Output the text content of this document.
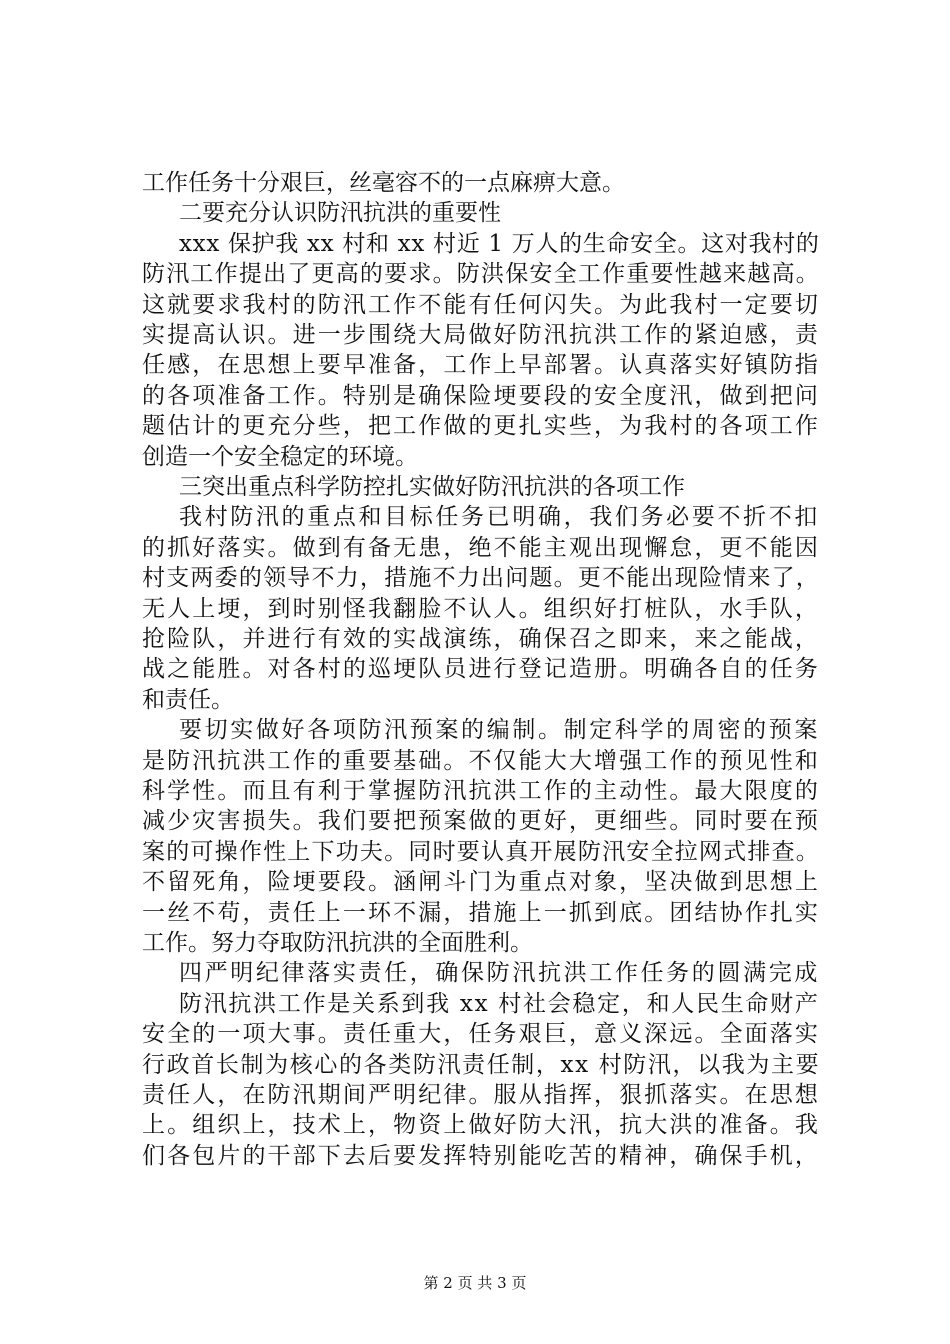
工作任务十分艰巨，丝毫容不的一点麻痹大意。
二要充分认识防汛抗洪的重要性
xxx 保护我 xx 村和 xx 村近 1 万人的生命安全。这对我村的
防汛工作提出了更高的要求。防洪保安全工作重要性越来越高。
这就要求我村的防汛工作不能有任何闪失。为此我村一定要切
实提高认识。进一步围绕大局做好防汛抗洪工作的紧迫感，责
任感，在思想上要早准备，工作上早部署。认真落实好镇防指
的各项准备工作。特别是确保险埂要段的安全度汛，做到把问
题估计的更充分些，把工作做的更扎实些，为我村的各项工作
创造一个安全稳定的环境。
三突出重点科学防控扎实做好防汛抗洪的各项工作
我村防汛的重点和目标任务已明确，我们务必要不折不扣
的抓好落实。做到有备无患，绝不能主观出现懈怠，更不能因
村支两委的领导不力，措施不力出问题。更不能出现险情来了，
无人上埂，到时别怪我翻脸不认人。组织好打桩队，水手队，
抢险队，并进行有效的实战演练，确保召之即来，来之能战，
战之能胜。对各村的巡埂队员进行登记造册。明确各自的任务
和责任。
要切实做好各项防汛预案的编制。制定科学的周密的预案
是防汛抗洪工作的重要基础。不仅能大大增强工作的预见性和
科学性。而且有利于掌握防汛抗洪工作的主动性。最大限度的
减少灾害损失。我们要把预案做的更好，更细些。同时要在预
案的可操作性上下功夫。同时要认真开展防汛安全拉网式排查。
不留死角，险埂要段。涵闸斗门为重点对象，坚决做到思想上
一丝不苟，责任上一环不漏，措施上一抓到底。团结协作扎实
工作。努力夺取防汛抗洪的全面胜利。
四严明纪律落实责任，确保防汛抗洪工作任务的圆满完成
防汛抗洪工作是关系到我 xx 村社会稳定，和人民生命财产
安全的一项大事。责任重大，任务艰巨，意义深远。全面落实
行政首长制为核心的各类防汛责任制，xx 村防汛，以我为主要
责任人，在防汛期间严明纪律。服从指挥，狠抓落实。在思想
上。组织上，技术上，物资上做好防大汛，抗大洪的准备。我
们各包片的干部下去后要发挥特别能吃苦的精神，确保手机，
第 2 页 共 3 页
